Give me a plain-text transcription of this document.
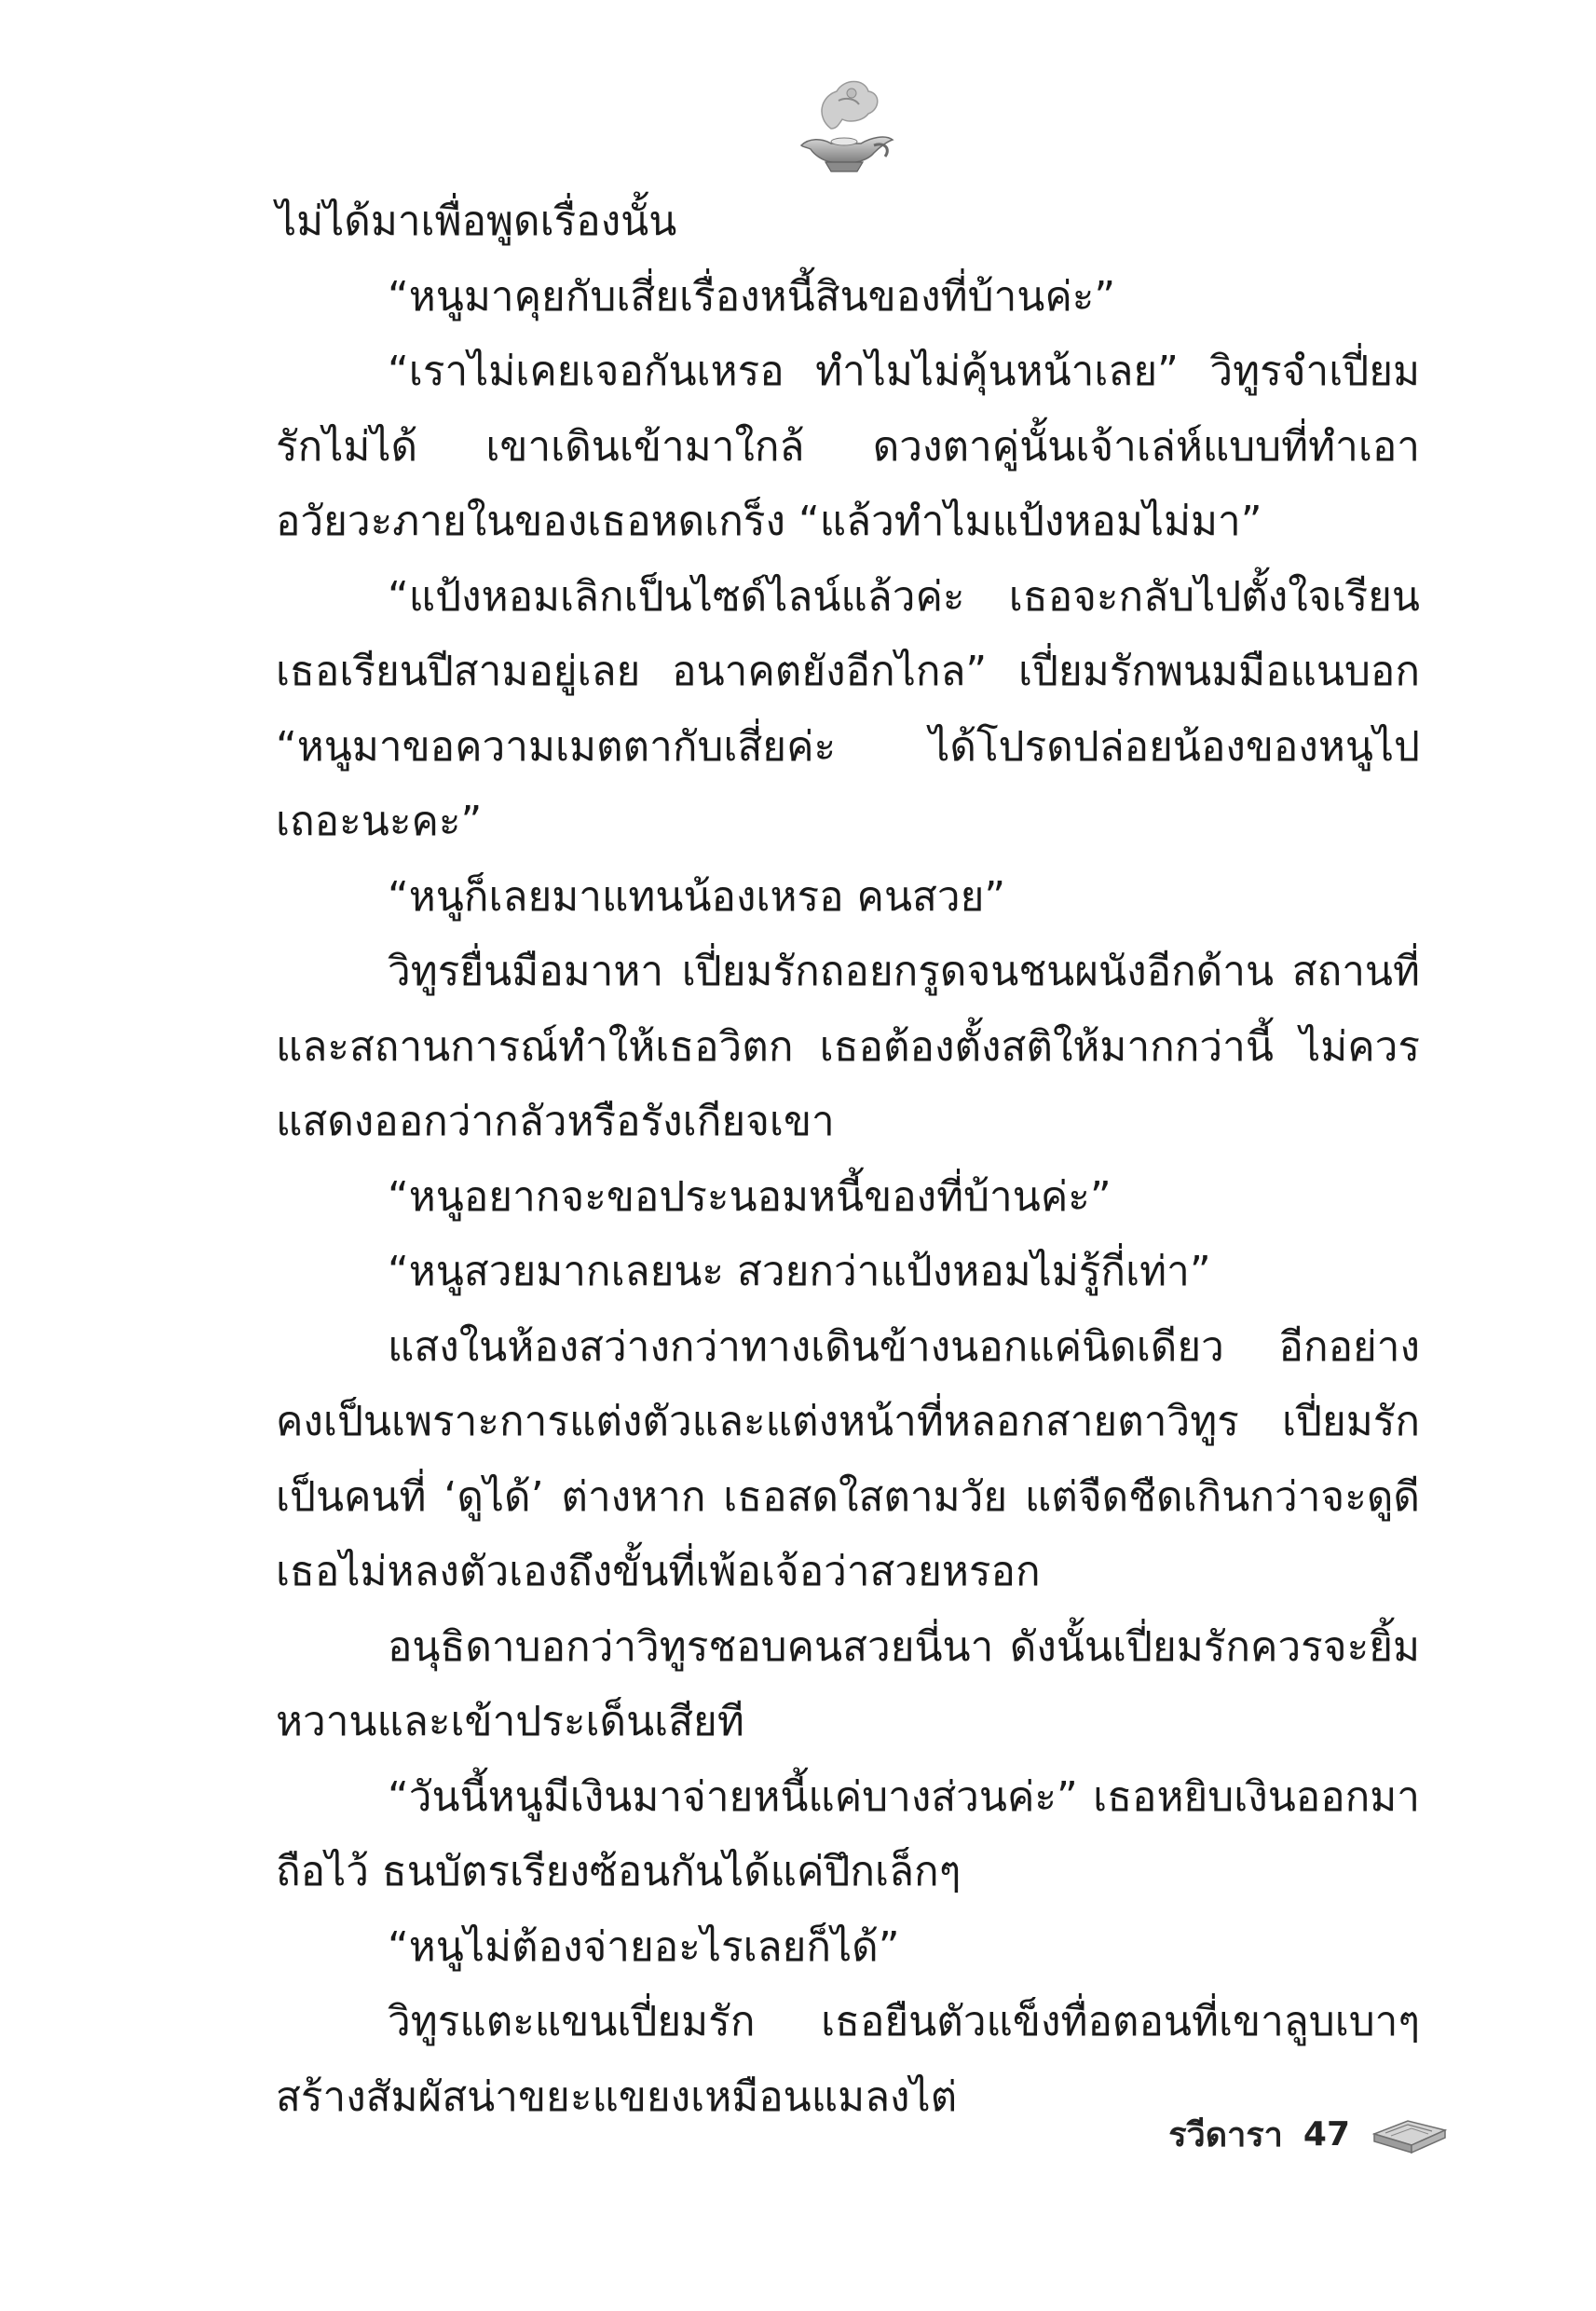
ไม่ได้มาเพื่อพูดเรื่องนั้น

“หนูมาคุยกับเสี่ยเรื่องหนี้สินของที่บ้านค่ะ”

“เราไม่เคยเจอกันเหรอ ทำไมไม่คุ้นหน้าเลย” วิทูรจำเปี่ยมรักไม่ได้ เขาเดินเข้ามาใกล้ ดวงตาคู่นั้นเจ้าเล่ห์แบบที่ทำเอาอวัยวะภายในของเธอหดเกร็ง “แล้วทำไมแป้งหอมไม่มา”

“แป้งหอมเลิกเป็นไซด์ไลน์แล้วค่ะ เธอจะกลับไปตั้งใจเรียนเธอเรียนปีสามอยู่เลย อนาคตยังอีกไกล” เปี่ยมรักพนมมือแนบอก “หนูมาขอความเมตตากับเสี่ยค่ะ ได้โปรดปล่อยน้องของหนูไปเถอะนะคะ”

“หนูก็เลยมาแทนน้องเหรอ คนสวย”

วิทูรยื่นมือมาหา เปี่ยมรักถอยกรูดจนชนผนังอีกด้าน สถานที่และสถานการณ์ทำให้เธอวิตก เธอต้องตั้งสติให้มากกว่านี้ ไม่ควรแสดงออกว่ากลัวหรือรังเกียจเขา

“หนูอยากจะขอประนอมหนี้ของที่บ้านค่ะ”

“หนูสวยมากเลยนะ สวยกว่าแป้งหอมไม่รู้กี่เท่า”

แสงในห้องสว่างกว่าทางเดินข้างนอกแค่นิดเดียว อีกอย่างคงเป็นเพราะการแต่งตัวและแต่งหน้าที่หลอกสายตาวิทูร เปี่ยมรักเป็นคนที่ ‘ดูได้’ ต่างหาก เธอสดใสตามวัย แต่จืดชืดเกินกว่าจะดูดีเธอไม่หลงตัวเองถึงขั้นที่เพ้อเจ้อว่าสวยหรอก

อนุธิดาบอกว่าวิทูรชอบคนสวยนี่นา ดังนั้นเปี่ยมรักควรจะยิ้มหวานและเข้าประเด็นเสียที

“วันนี้หนูมีเงินมาจ่ายหนี้แค่บางส่วนค่ะ” เธอหยิบเงินออกมาถือไว้ ธนบัตรเรียงซ้อนกันได้แค่ปึกเล็กๆ

“หนูไม่ต้องจ่ายอะไรเลยก็ได้”

วิทูรแตะแขนเปี่ยมรัก เธอยืนตัวแข็งทื่อตอนที่เขาลูบเบาๆสร้างสัมผัสน่าขยะแขยงเหมือนแมลงไต่

รวีดารา 47
